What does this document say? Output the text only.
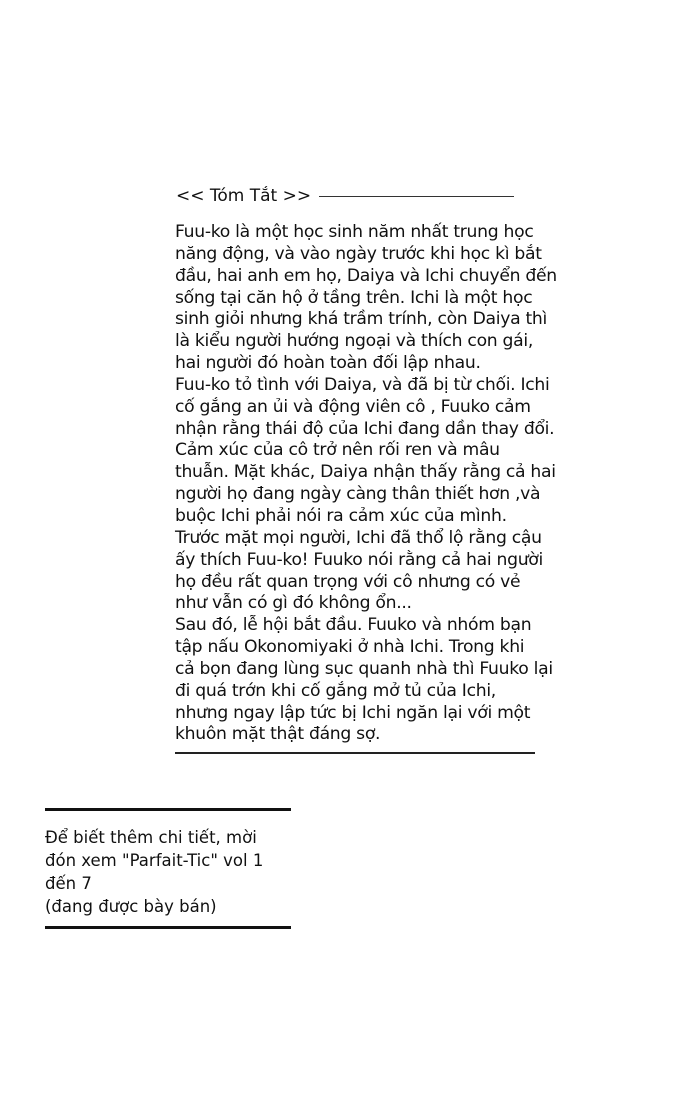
<< Tóm Tắt >>
Fuu-ko là một học sinh năm nhất trung học
năng động, và vào ngày trước khi học kì bắt
đầu, hai anh em họ, Daiya và Ichi chuyển đến
sống tại căn hộ ở tầng trên. Ichi là một học
sinh giỏi nhưng khá trầm trính, còn Daiya thì
là kiểu người hướng ngoại và thích con gái,
hai người đó hoàn toàn đối lập nhau.
Fuu-ko tỏ tình với Daiya, và đã bị từ chối. Ichi
cố gắng an ủi và động viên cô , Fuuko cảm
nhận rằng thái độ của Ichi đang dần thay đổi.
Cảm xúc của cô trở nên rối ren và mâu
thuẫn. Mặt khác, Daiya nhận thấy rằng cả hai
người họ đang ngày càng thân thiết hơn ,và
buộc Ichi phải nói ra cảm xúc của mình.
Trước mặt mọi người, Ichi đã thổ lộ rằng cậu
ấy thích Fuu-ko! Fuuko nói rằng cả hai người
họ đều rất quan trọng với cô nhưng có vẻ
như vẫn có gì đó không ổn...
Sau đó, lễ hội bắt đầu. Fuuko và nhóm bạn
tập nấu Okonomiyaki ở nhà Ichi. Trong khi
cả bọn đang lùng sục quanh nhà thì Fuuko lại
đi quá trớn khi cố gắng mở tủ của Ichi,
nhưng ngay lập tức bị Ichi ngăn lại với một
khuôn mặt thật đáng sợ.
Để biết thêm chi tiết, mời
đón xem "Parfait-Tic" vol 1
đến 7
(đang được bày bán)
